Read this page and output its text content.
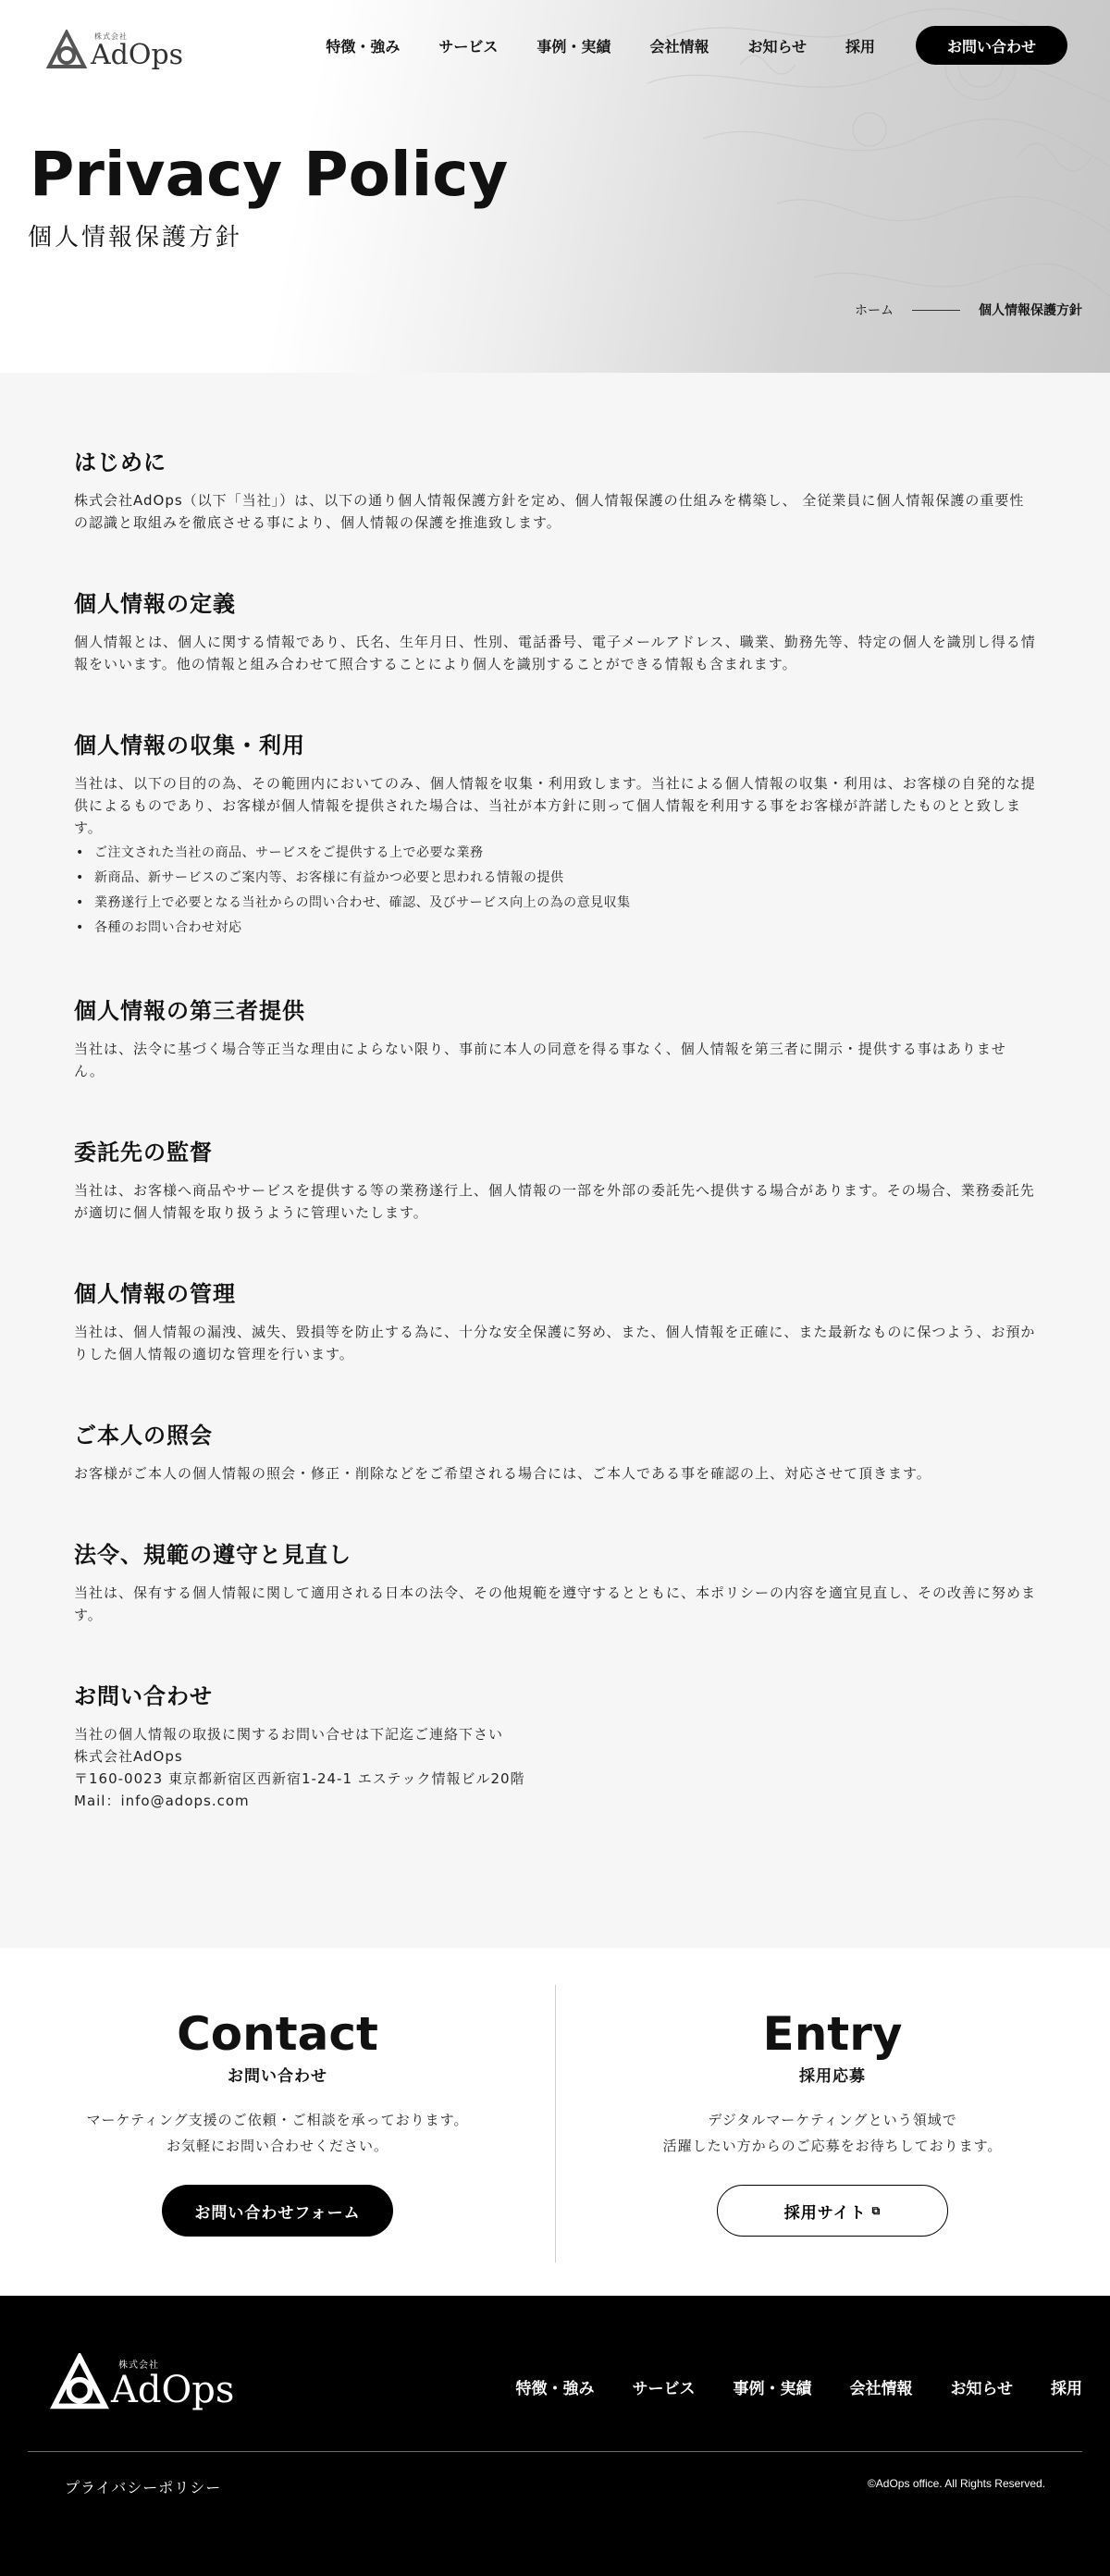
株式会社
AdOps	特徴・強み	サービス	事例・実績	会社情報	お知らせ	採用	お問い合わせ
Privacy Policy
個人情報保護方針
ホーム	個人情報保護方針
はじめに

株式会社AdOps（以下「当社」）は、以下の通り個人情報保護方針を定め、個人情報保護の仕組みを構築し、 全従業員に個人情報保護の重要性の認識と取組みを徹底させる事により、個人情報の保護を推進致します。

個人情報の定義

個人情報とは、個人に関する情報であり、氏名、生年月日、性別、電話番号、電子メールアドレス、職業、勤務先等、特定の個人を識別し得る情報をいいます。他の情報と組み合わせて照合することにより個人を識別することができる情報も含まれます。

個人情報の収集・利用

当社は、以下の目的の為、その範囲内においてのみ、個人情報を収集・利用致します。当社による個人情報の収集・利用は、お客様の自発的な提供によるものであり、お客様が個人情報を提供された場合は、当社が本方針に則って個人情報を利用する事をお客様が許諾したものとと致します。

• ご注文された当社の商品、サービスをご提供する上で必要な業務
• 新商品、新サービスのご案内等、お客様に有益かつ必要と思われる情報の提供
• 業務遂行上で必要となる当社からの問い合わせ、確認、及びサービス向上の為の意見収集
• 各種のお問い合わせ対応
個人情報の第三者提供

当社は、法令に基づく場合等正当な理由によらない限り、事前に本人の同意を得る事なく、個人情報を第三者に開示・提供する事はありません。

委託先の監督

当社は、お客様へ商品やサービスを提供する等の業務遂行上、個人情報の一部を外部の委託先へ提供する場合があります。その場合、業務委託先が適切に個人情報を取り扱うように管理いたします。

個人情報の管理

当社は、個人情報の漏洩、滅失、毀損等を防止する為に、十分な安全保護に努め、また、個人情報を正確に、また最新なものに保つよう、お預かりした個人情報の適切な管理を行います。

ご本人の照会

お客様がご本人の個人情報の照会・修正・削除などをご希望される場合には、ご本人である事を確認の上、対応させて頂きます。

法令、規範の遵守と見直し

当社は、保有する個人情報に関して適用される日本の法令、その他規範を遵守するとともに、本ポリシーの内容を適宜見直し、その改善に努めます。

お問い合わせ

当社の個人情報の取扱に関するお問い合せは下記迄ご連絡下さい

株式会社AdOps

〒160-0023 東京都新宿区西新宿1-24-1 エステック情報ビル20階

Mail：info@adops.com

Contact
お問い合わせ
マーケティング支援のご依頼・ご相談を承っております。
お気軽にお問い合わせください。
お問い合わせフォーム
Entry
採用応募
デジタルマーケティングという領域で
活躍したい方からのご応募をお待ちしております。
採用サイト ⧉
株式会社
AdOps	特徴・強み サービス 事例・実績 会社情報 お知らせ 採用
プライバシーポリシー	©AdOps office. All Rights Reserved.
